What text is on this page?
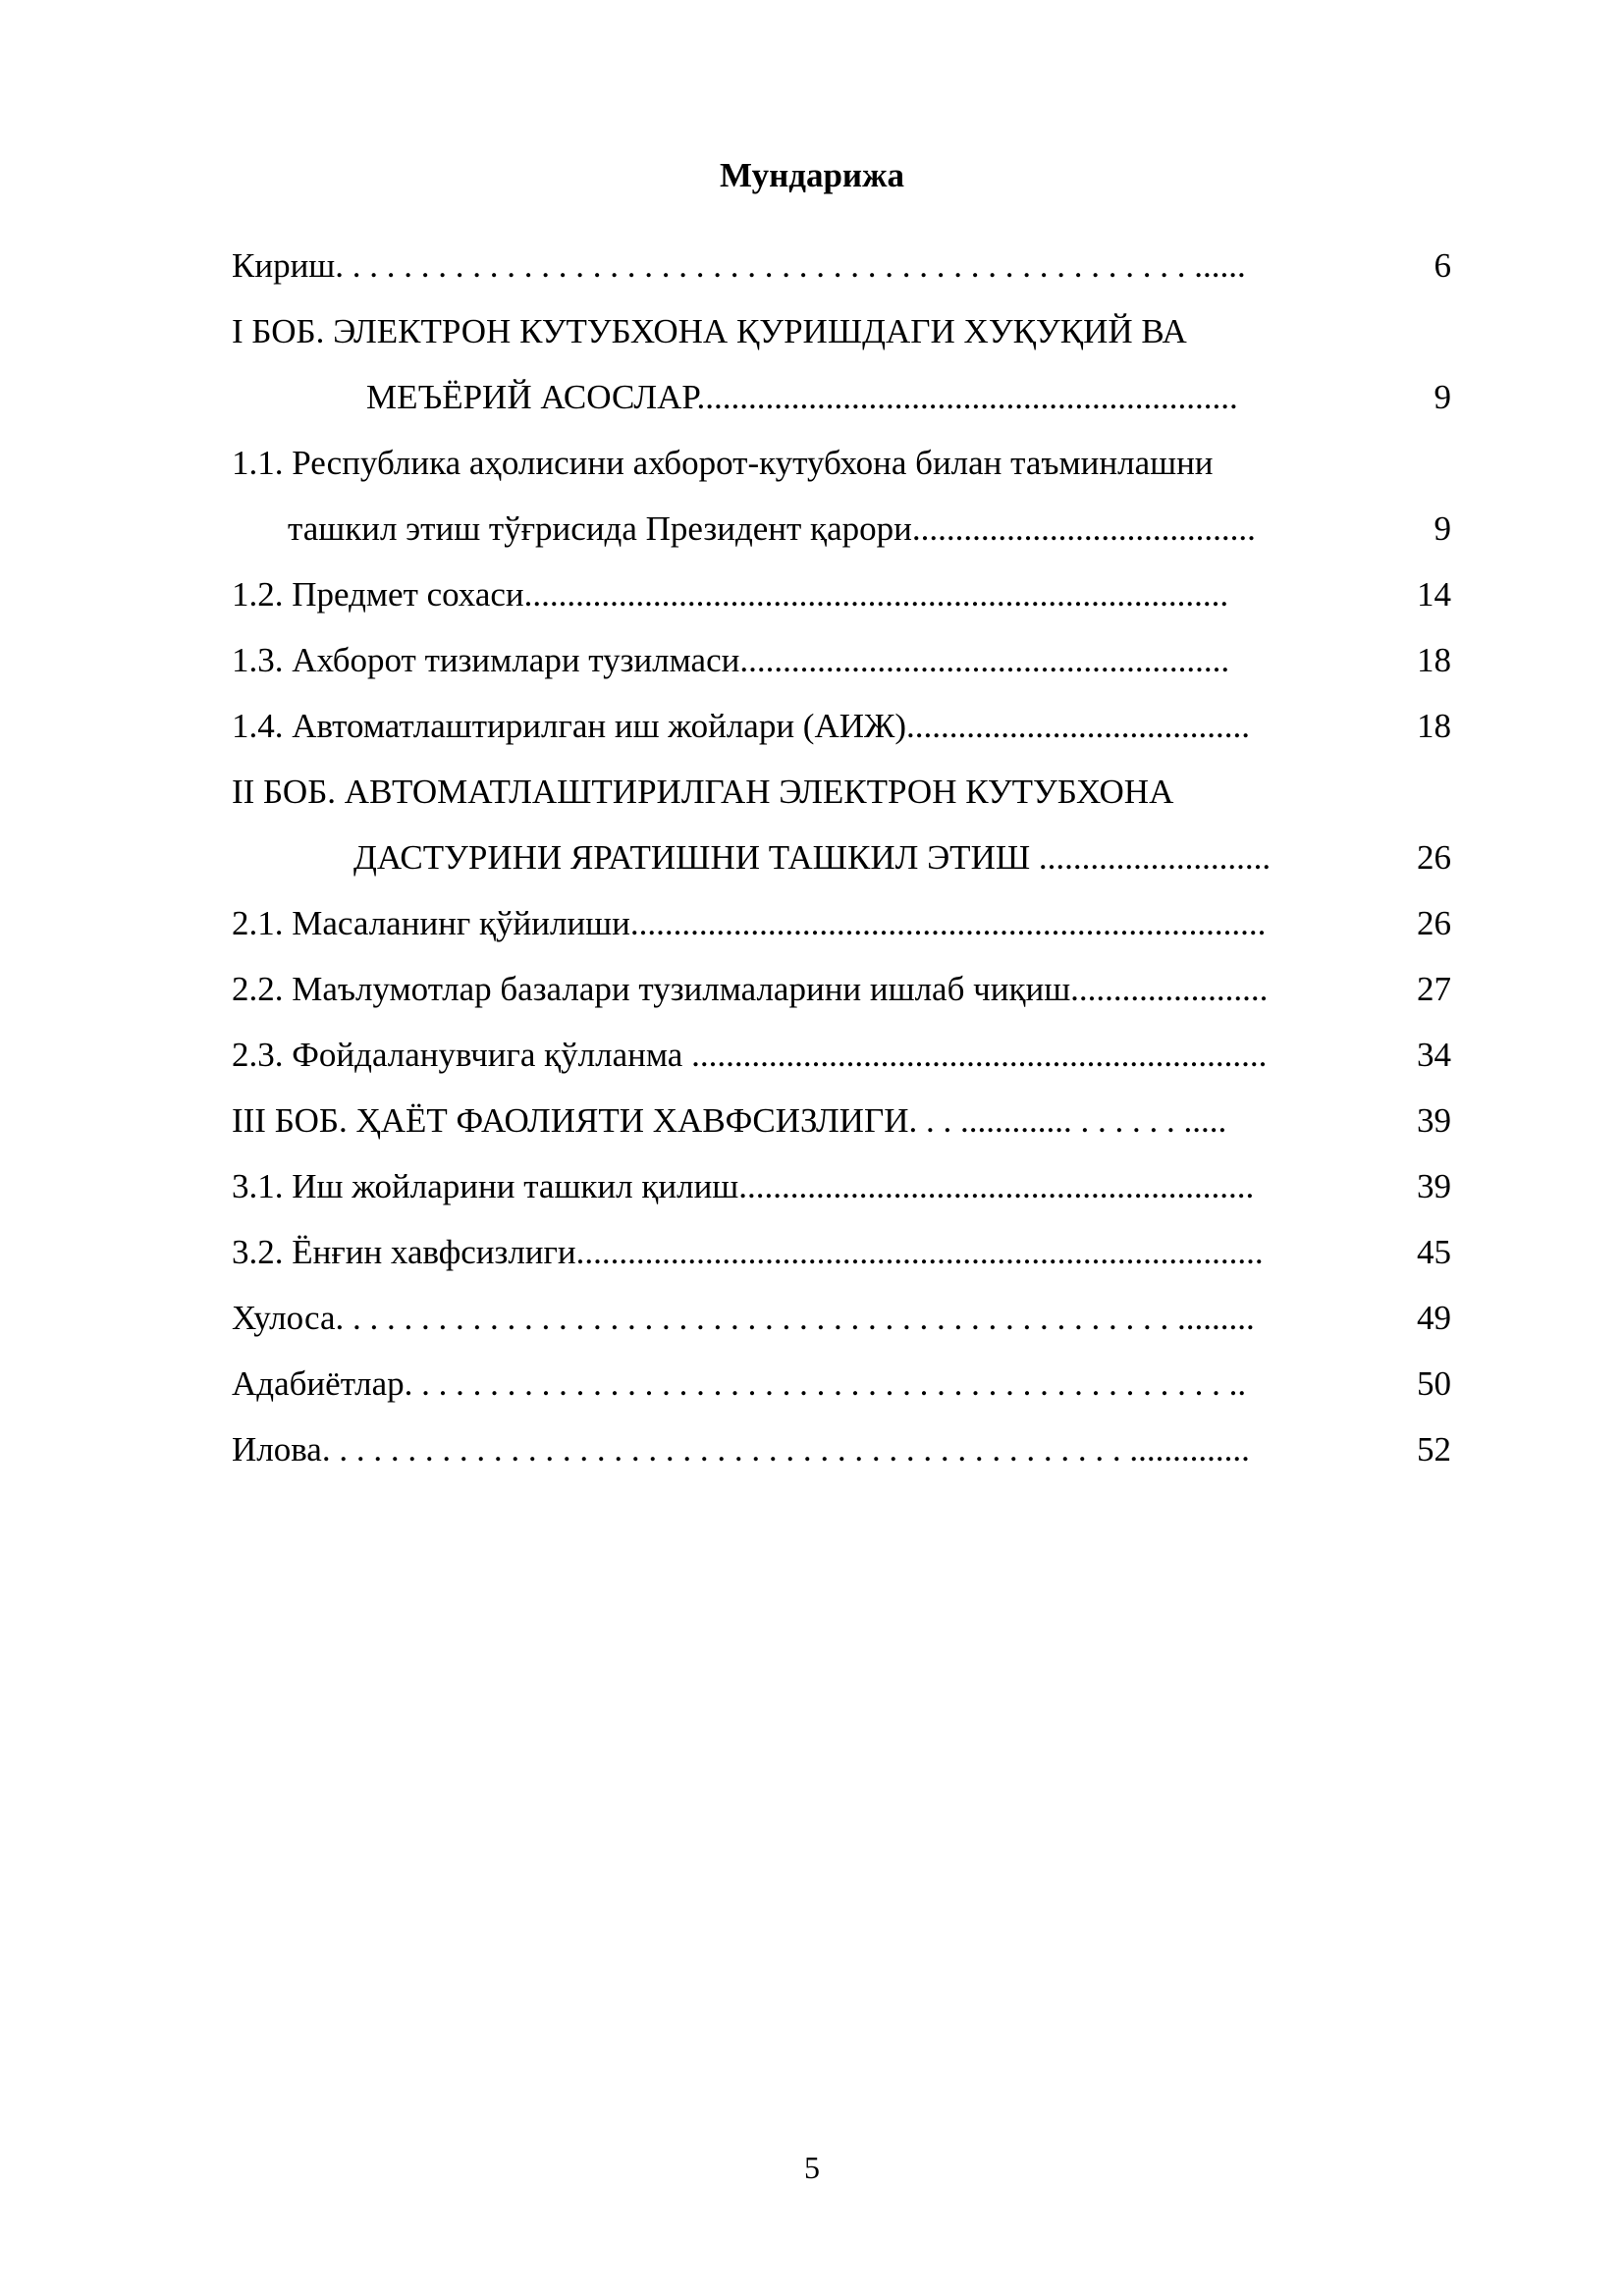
Мундарижа
Кириш. . . . . . . . . . . . . . . . . . . . . . . . . . . . . . . . . . . . . . . . . . . . . . . . . . ......	6
I БОБ. ЭЛЕКТРОН КУТУБХОНА ҚУРИШДАГИ ХУҚУҚИЙ ВА
МЕЪЁРИЙ АСОСЛАР...............................................................	9
1.1. Республика аҳолисини ахборот-кутубхона билан таъминлашни
ташкил этиш тўғрисида Президент қарори........................................	9
1.2. Предмет сохаси..................................................................................	14
1.3. Ахборот тизимлари тузилмаси.........................................................	18
1.4. Автоматлаштирилган иш жойлари (АИЖ)........................................	18
II БОБ. АВТОМАТЛАШТИРИЛГАН ЭЛЕКТРОН КУТУБХОНА
ДАСТУРИНИ ЯРАТИШНИ ТАШКИЛ ЭТИШ ...........................	26
2.1. Масаланинг қўйилиши..........................................................................	26
2.2. Маълумотлар базалари тузилмаларини ишлаб чиқиш.......................	27
2.3. Фойдаланувчига қўлланма ...................................................................	34
III БОБ. ҲАЁТ ФАОЛИЯТИ ХАВФСИЗЛИГИ. . . ............. . . . . . . .....	39
3.1. Иш жойларини ташкил қилиш............................................................	39
3.2. Ёнғин хавфсизлиги................................................................................	45
Хулоса. . . . . . . . . . . . . . . . . . . . . . . . . . . . . . . . . . . . . . . . . . . . . . . . . .........	49
Адабиётлар. . . . . . . . . . . . . . . . . . . . . . . . . . . . . . . . . . . . . . . . . . . . . . . . ..	50
Илова. . . . . . . . . . . . . . . . . . . . . . . . . . . . . . . . . . . . . . . . . . . . . . . ..............	52
5
